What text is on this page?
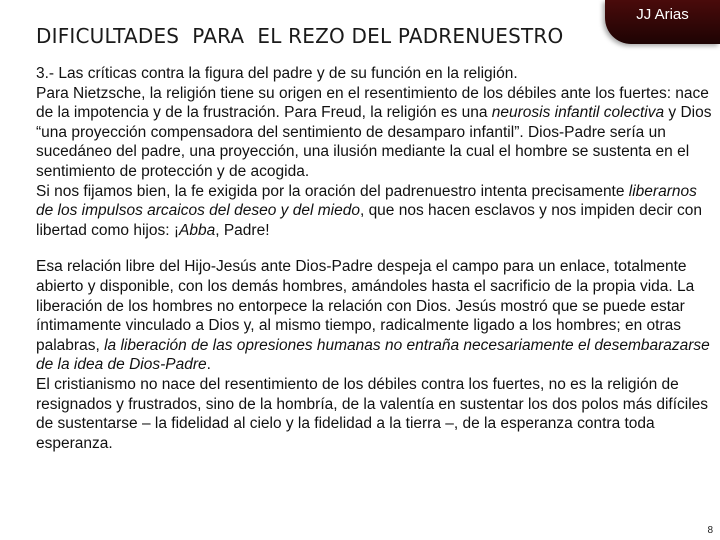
DIFICULTADES  PARA  EL REZO DEL PADRENUESTRO
JJ Arias

3.- Las críticas contra la figura del padre y de su función en la religión.

Para Nietzsche, la religión tiene su origen en el resentimiento de los débiles ante los fuertes: nace de la impotencia y de la frustración. Para Freud, la religión es una neurosis infantil colectiva y Dios “una proyección compensadora del sentimiento de desamparo infantil”. Dios-Padre sería un sucedáneo del padre, una proyección, una ilusión mediante la cual el hombre se sustenta en el sentimiento de protección y de acogida.

Si nos fijamos bien, la fe exigida por la oración del padrenuestro intenta precisamente liberarnos de los impulsos arcaicos del deseo y del miedo, que nos hacen esclavos y nos impiden decir con libertad como hijos: ¡Abba, Padre!

Esa relación libre del Hijo-Jesús ante Dios-Padre despeja el campo para un enlace, totalmente abierto y disponible, con los demás hombres, amándoles hasta el sacrificio de la propia vida. La liberación de los hombres no entorpece la relación con Dios. Jesús mostró que se puede estar íntimamente vinculado a Dios y, al mismo tiempo, radicalmente ligado a los hombres; en otras palabras, la liberación de las opresiones humanas no entraña necesariamente el desembarazarse de la idea de Dios-Padre.

El cristianismo no nace del resentimiento de los débiles contra los fuertes, no es la religión de resignados y frustrados, sino de la hombría, de la valentía en sustentar los dos polos más difíciles de sustentarse – la fidelidad al cielo y la fidelidad a la tierra –, de la esperanza contra toda esperanza.

8
